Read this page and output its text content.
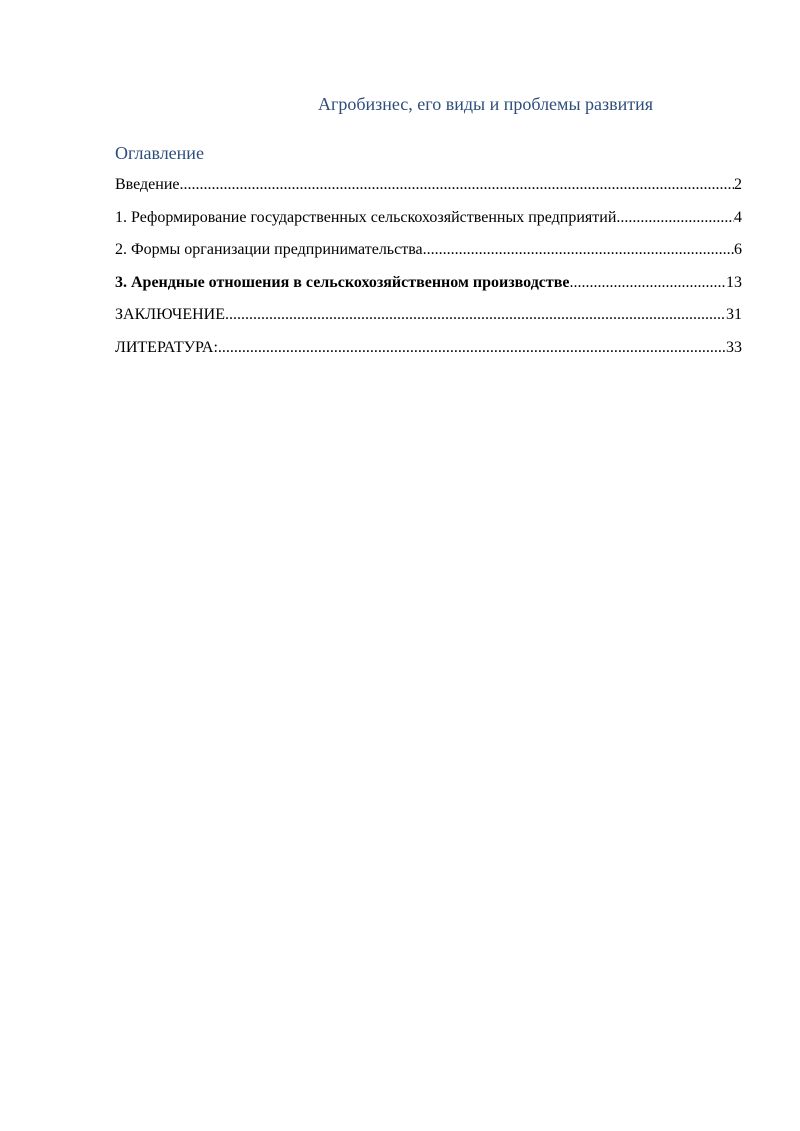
Агробизнес, его виды и проблемы развития
Оглавление
Введение .....	2
1. Реформирование государственных сельскохозяйственных предприятий .....	4
2. Формы организации предпринимательства .....	6
3. Арендные отношения в сельскохозяйственном производстве .....	13
ЗАКЛЮЧЕНИЕ .....	31
ЛИТЕРАТУРА: .....	33
